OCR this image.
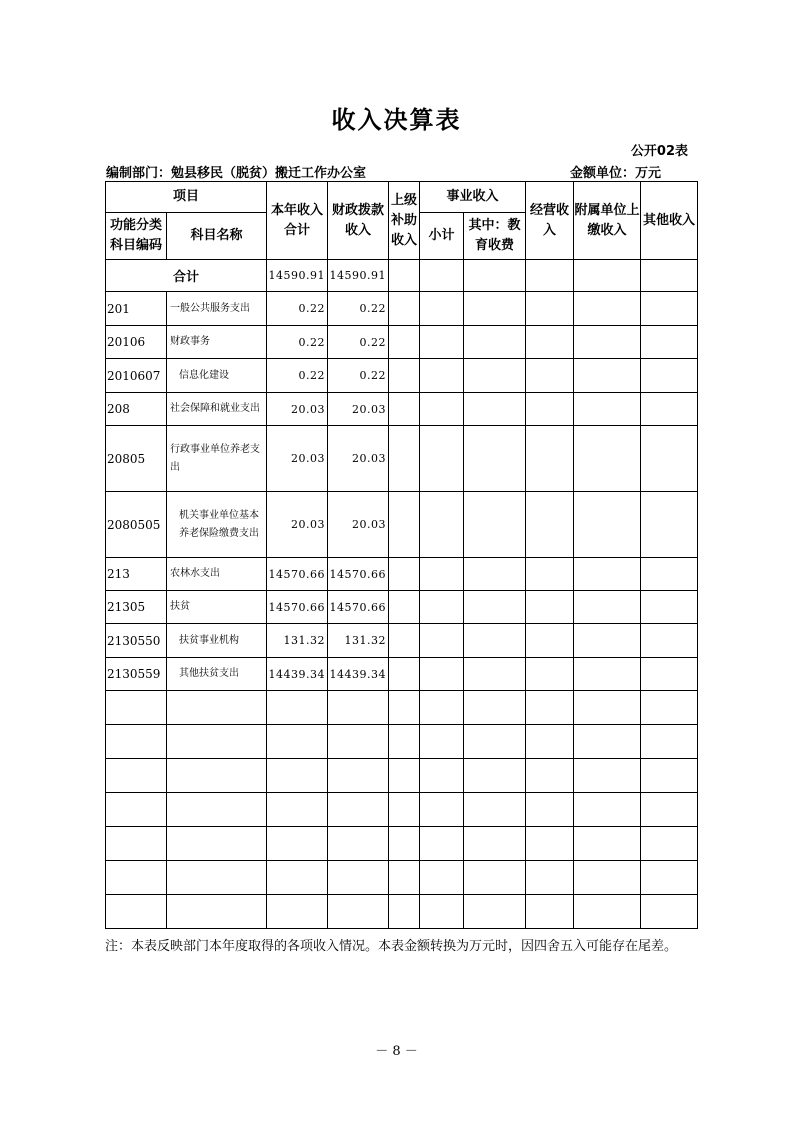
收入决算表
公开02表
编制部门：勉县移民（脱贫）搬迁工作办公室	金额单位：万元
项目		本年收入合计	财政拨款收入	上级补助收入	事业收入		经营收入	附属单位上缴收入	其他收入
功能分类科目编码	科目名称				小计	其中：教育收费			
合计		14590.91	14590.91						
201	一般公共服务支出	0.22	0.22						
20106	财政事务	0.22	0.22						
2010607	信息化建设	0.22	0.22						
208	社会保障和就业支出	20.03	20.03						
20805	行政事业单位养老支出	20.03	20.03						
2080505	机关事业单位基本养老保险缴费支出	20.03	20.03						
213	农林水支出	14570.66	14570.66						
21305	扶贫	14570.66	14570.66						
2130550	扶贫事业机构	131.32	131.32						
2130559	其他扶贫支出	14439.34	14439.34						

注：本表反映部门本年度取得的各项收入情况。本表金额转换为万元时，因四舍五入可能存在尾差。
－ 8 －
